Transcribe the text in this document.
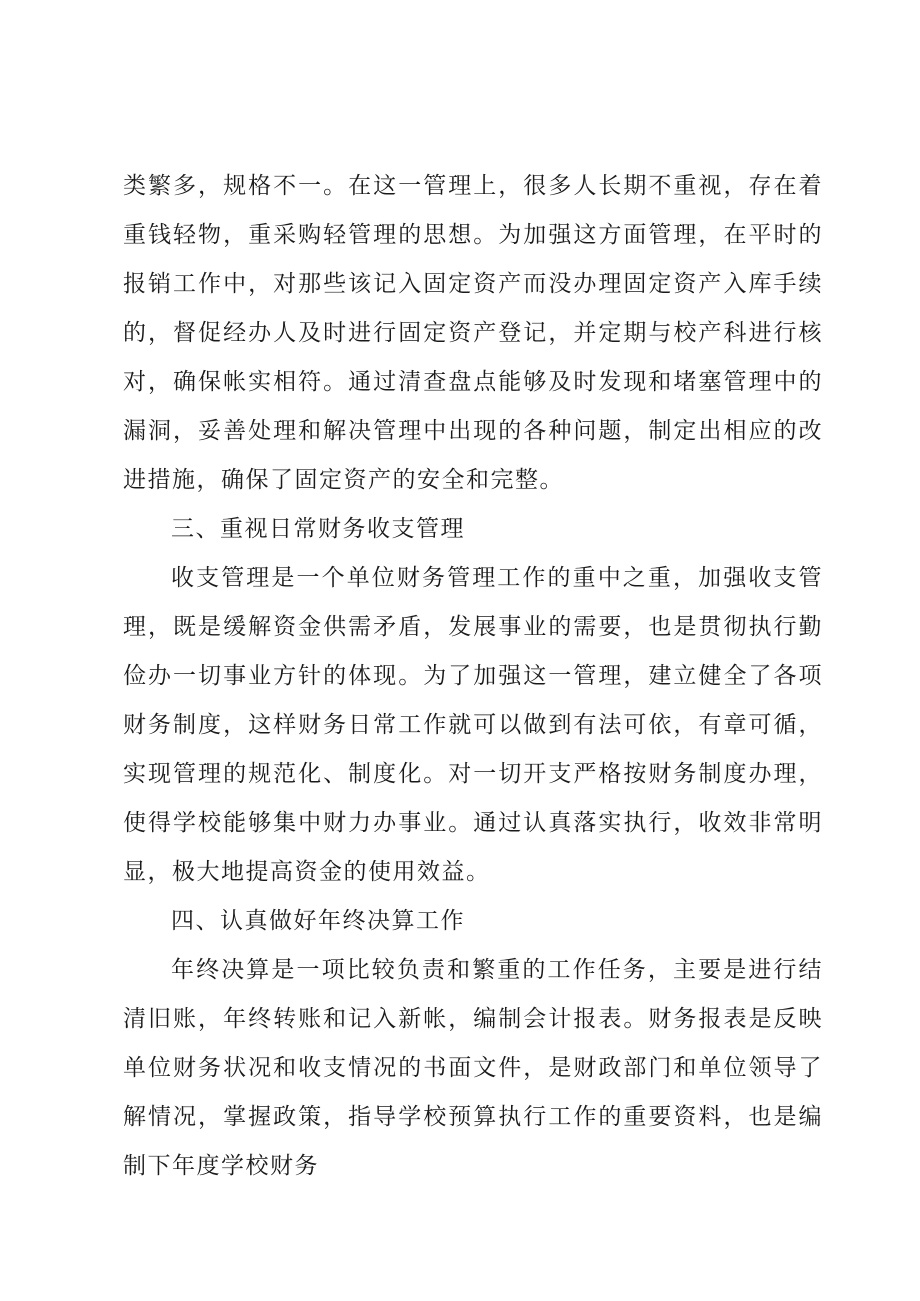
类繁多，规格不一。在这一管理上，很多人长期不重视，存在着重钱轻物，重采购轻管理的思想。为加强这方面管理，在平时的报销工作中，对那些该记入固定资产而没办理固定资产入库手续的，督促经办人及时进行固定资产登记，并定期与校产科进行核对，确保帐实相符。通过清查盘点能够及时发现和堵塞管理中的漏洞，妥善处理和解决管理中出现的各种问题，制定出相应的改进措施，确保了固定资产的安全和完整。

三、重视日常财务收支管理

收支管理是一个单位财务管理工作的重中之重，加强收支管理，既是缓解资金供需矛盾，发展事业的需要，也是贯彻执行勤俭办一切事业方针的体现。为了加强这一管理，建立健全了各项财务制度，这样财务日常工作就可以做到有法可依，有章可循，实现管理的规范化、制度化。对一切开支严格按财务制度办理，使得学校能够集中财力办事业。通过认真落实执行，收效非常明显，极大地提高资金的使用效益。

四、认真做好年终决算工作

年终决算是一项比较负责和繁重的工作任务，主要是进行结清旧账，年终转账和记入新帐，编制会计报表。财务报表是反映单位财务状况和收支情况的书面文件，是财政部门和单位领导了解情况，掌握政策，指导学校预算执行工作的重要资料，也是编制下年度学校财务
